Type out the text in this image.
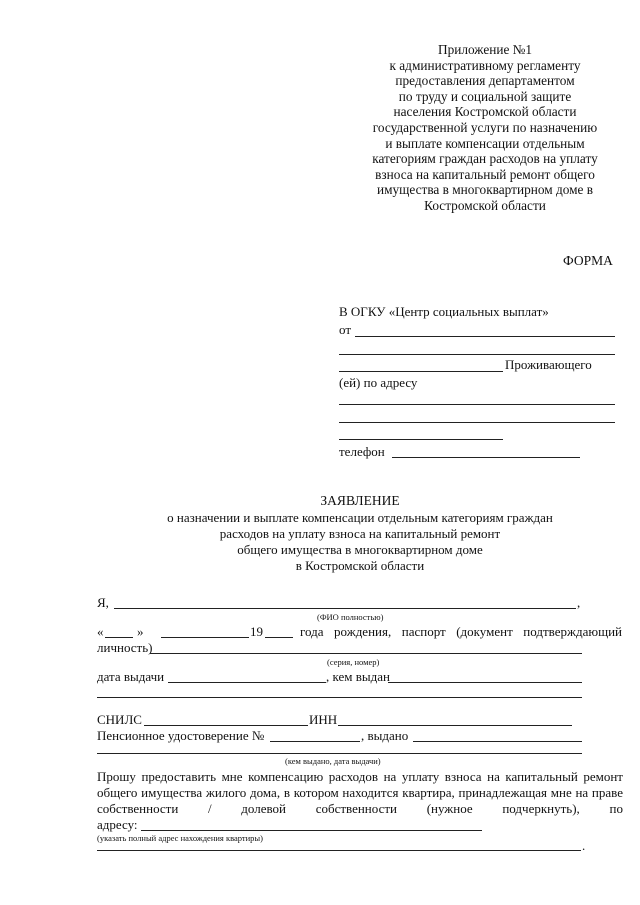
Приложение №1
к административному регламенту
предоставления департаментом
по труду и социальной защите
населения Костромской области
государственной услуги по назначению
и выплате компенсации отдельным
категориям граждан расходов на уплату
взноса на капитальный ремонт общего
имущества в многоквартирном доме в
Костромской области
ФОРМА
В ОГКУ «Центр социальных выплат»
от
Проживающего
(ей) по адресу
телефон
ЗАЯВЛЕНИЕ
о назначении и выплате компенсации отдельным категориям граждан
расходов на уплату взноса на капитальный ремонт
общего имущества в многоквартирном доме
в Костромской области
Я,	,
(ФИО полностью)
«	»	19	года рождения, паспорт (документ подтверждающий
личность)
(серия, номер)
дата выдачи	, кем выдан
СНИЛС	ИНН
Пенсионное удостоверение №	, выдано
(кем выдано, дата выдачи)
Прошу предоставить мне компенсацию расходов на уплату взноса на капитальный ремонт
общего имущества жилого дома, в котором находится квартира, принадлежащая мне на праве
собственности / долевой собственности (нужное подчеркнуть), по
адресу:
(указать полный адрес нахождения квартиры)	.
